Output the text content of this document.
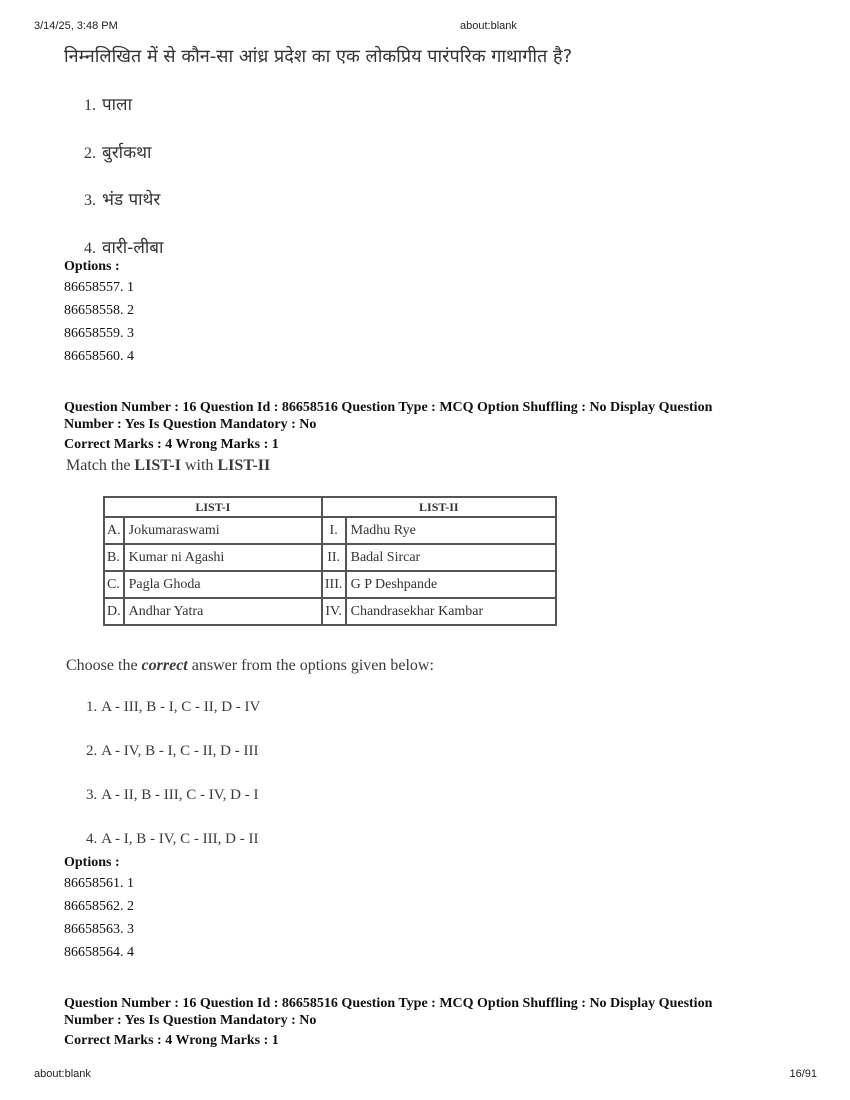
3/14/25, 3:48 PM	about:blank
निम्नलिखित में से कौन-सा आंध्र प्रदेश का एक लोकप्रिय पारंपरिक गाथागीत है?
1. पाला
2. बुर्राकथा
3. भंड पाथेर
4. वारी-लीबा
Options :
86658557. 1
86658558. 2
86658559. 3
86658560. 4
Question Number : 16 Question Id : 86658516 Question Type : MCQ Option Shuffling : No Display Question
Number : Yes Is Question Mandatory : No
Correct Marks : 4 Wrong Marks : 1
Match the LIST-I with LIST-II
LIST-I		LIST-II	
A.	Jokumaraswami	I.	Madhu Rye
B.	Kumar ni Agashi	II.	Badal Sircar
C.	Pagla Ghoda	III.	G P Deshpande
D.	Andhar Yatra	IV.	Chandrasekhar Kambar
Choose the correct answer from the options given below:
1. A - III, B - I, C - II, D - IV
2. A - IV, B - I, C - II, D - III
3. A - II, B - III, C - IV, D - I
4. A - I, B - IV, C - III, D - II
Options :
86658561. 1
86658562. 2
86658563. 3
86658564. 4
Question Number : 16 Question Id : 86658516 Question Type : MCQ Option Shuffling : No Display Question
Number : Yes Is Question Mandatory : No
Correct Marks : 4 Wrong Marks : 1
about:blank	16/91
